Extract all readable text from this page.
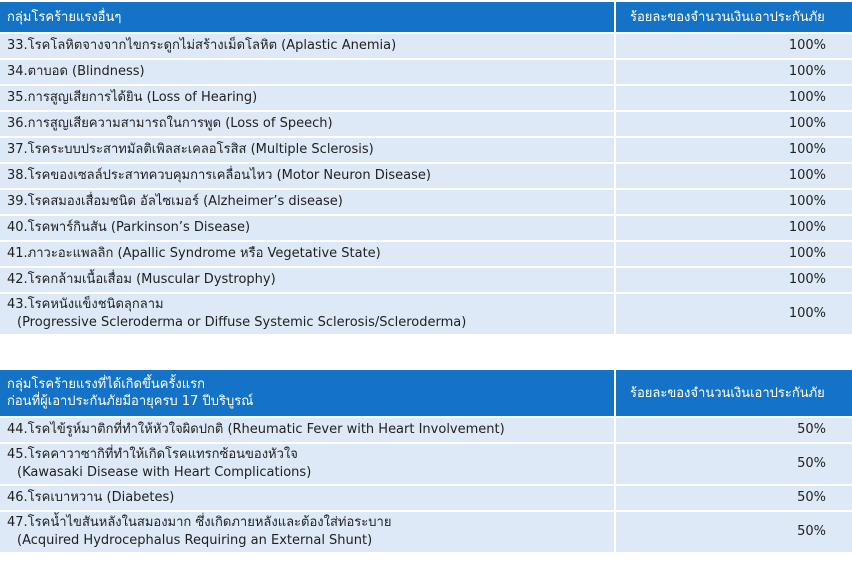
กลุ่มโรคร้ายแรงอื่นๆ	ร้อยละของจำนวนเงินเอาประกันภัย
33.โรคโลหิตจางจากไขกระดูกไม่สร้างเม็ดโลหิต (Aplastic Anemia)	100%
34.ตาบอด (Blindness)	100%
35.การสูญเสียการได้ยิน (Loss of Hearing)	100%
36.การสูญเสียความสามารถในการพูด (Loss of Speech)	100%
37.โรคระบบประสาทมัลติเพิลสะเคลอโรสิส (Multiple Sclerosis)	100%
38.โรคของเซลล์ประสาทควบคุมการเคลื่อนไหว (Motor Neuron Disease)	100%
39.โรคสมองเสื่อมชนิด อัลไซเมอร์ (Alzheimer’s disease)	100%
40.โรคพาร์กินสัน (Parkinson’s Disease)	100%
41.ภาวะอะแพลลิก (Apallic Syndrome หรือ Vegetative State)	100%
42.โรคกล้ามเนื้อเสื่อม (Muscular Dystrophy)	100%
43.โรคหนังแข็งชนิดลุกลาม
(Progressive Scleroderma or Diffuse Systemic Sclerosis/Scleroderma)	100%
กลุ่มโรคร้ายแรงที่ได้เกิดขึ้นครั้งแรก
ก่อนที่ผู้เอาประกันภัยมีอายุครบ 17 ปีบริบูรณ์	ร้อยละของจำนวนเงินเอาประกันภัย
44.โรคไข้รูห์มาติกที่ทำให้หัวใจผิดปกติ (Rheumatic Fever with Heart Involvement)	50%
45.โรคคาวาซากิที่ทำให้เกิดโรคแทรกซ้อนของหัวใจ
(Kawasaki Disease with Heart Complications)	50%
46.โรคเบาหวาน (Diabetes)	50%
47.โรคน้ำไขสันหลังในสมองมาก ซึ่งเกิดภายหลังและต้องใส่ท่อระบาย
(Acquired Hydrocephalus Requiring an External Shunt)	50%
